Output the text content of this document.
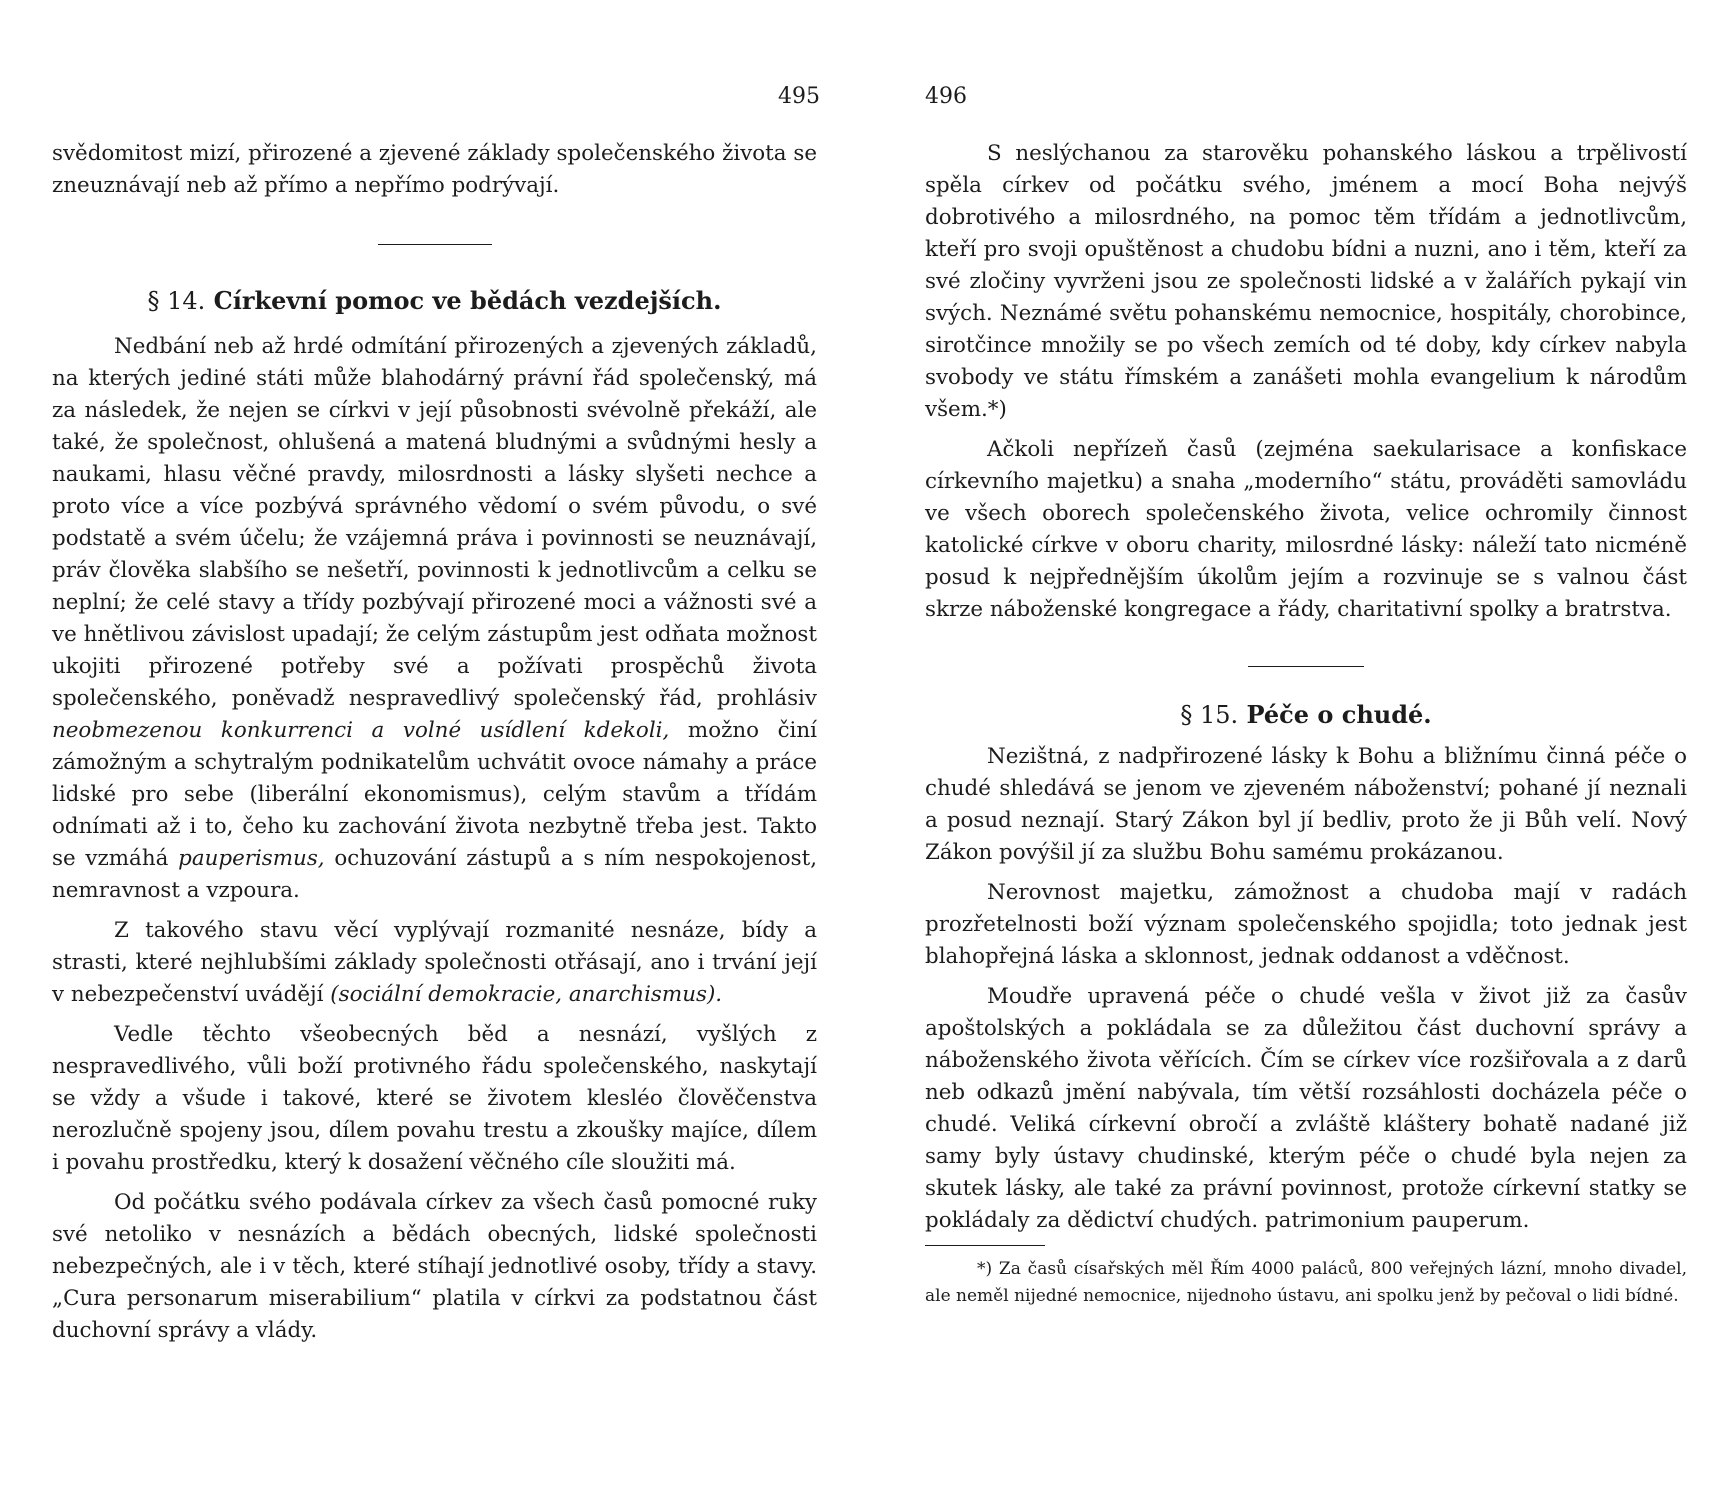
495

svědomitost mizí, přirozené a zjevené základy společenského života se zneuznávají neb až přímo a nepřímo podrývají.

§ 14. Církevní pomoc ve bědách vezdejších.

Nedbání neb až hrdé odmítání přirozených a zjevených základů, na kterých jediné státi může blahodárný právní řád společenský, má za následek, že nejen se církvi v její působnosti svévolně překáží, ale také, že společnost, ohlušená a matená bludnými a svůdnými hesly a naukami, hlasu věčné pravdy, milosrdnosti a lásky slyšeti nechce a proto více a více pozbývá správného vědomí o svém původu, o své podstatě a svém účelu; že vzájemná práva i povinnosti se neuznávají, práv člověka slabšího se nešetří, povinnosti k jednotlivcům a celku se neplní; že celé stavy a třídy pozbývají přirozené moci a vážnosti své a ve hnětlivou závislost upadají; že celým zástupům jest odňata možnost ukojiti přirozené potřeby své a požívati prospěchů života společenského, poněvadž nespravedlivý společenský řád, prohlásiv neobmezenou konkurrenci a volné usídlení kdekoli, možno činí zámožným a schytralým podnikatelům uchvátit ovoce námahy a práce lidské pro sebe (liberální ekonomismus), celým stavům a třídám odnímati až i to, čeho ku zachování života nezbytně třeba jest. Takto se vzmáhá pauperismus, ochuzování zástupů a s ním nespokojenost, nemravnost a vzpoura.

Z takového stavu věcí vyplývají rozmanité nesnáze, bídy a strasti, které nejhlubšími základy společnosti otřásají, ano i trvání její v nebezpečenství uvádějí (sociální demokracie, anarchismus).

Vedle těchto všeobecných běd a nesnází, vyšlých z nespravedlivého, vůli boží protivného řádu společenského, naskytají se vždy a všude i takové, které se životem klesléo člověčenstva nerozlučně spojeny jsou, dílem povahu trestu a zkoušky majíce, dílem i povahu prostředku, který k dosažení věčného cíle sloužiti má.

Od počátku svého podávala církev za všech časů pomocné ruky své netoliko v nesnázích a bědách obecných, lidské společnosti nebezpečných, ale i v těch, které stíhají jednotlivé osoby, třídy a stavy. „Cura personarum miserabilium“ platila v církvi za podstatnou část duchovní správy a vlády.

496

S neslýchanou za starověku pohanského láskou a trpělivostí spěla církev od počátku svého, jménem a mocí Boha nejvýš dobrotivého a milosrdného, na pomoc těm třídám a jednotlivcům, kteří pro svoji opuštěnost a chudobu bídni a nuzni, ano i těm, kteří za své zločiny vyvrženi jsou ze společnosti lidské a v žalářích pykají vin svých. Neznámé světu pohanskému nemocnice, hospitály, chorobince, sirotčince množily se po všech zemích od té doby, kdy církev nabyla svobody ve státu římském a zanášeti mohla evangelium k národům všem.*)

Ačkoli nepřízeň časů (zejména saekularisace a konfiskace církevního majetku) a snaha „moderního“ státu, prováděti samovládu ve všech oborech společenského života, velice ochromily činnost katolické církve v oboru charity, milosrdné lásky: náleží tato nicméně posud k nejpřednějším úkolům jejím a rozvinuje se s valnou část skrze náboženské kongregace a řády, charitativní spolky a bratrstva.

§ 15. Péče o chudé.

Nezištná, z nadpřirozené lásky k Bohu a bližnímu činná péče o chudé shledává se jenom ve zjeveném náboženství; pohané jí neznali a posud neznají. Starý Zákon byl jí bedliv, proto že ji Bůh velí. Nový Zákon povýšil jí za službu Bohu samému prokázanou.

Nerovnost majetku, zámožnost a chudoba mají v radách prozřetelnosti boží význam společenského spojidla; toto jednak jest blahopřejná láska a sklonnost, jednak oddanost a vděčnost.

Moudře upravená péče o chudé vešla v život již za časův apoštolských a pokládala se za důležitou část duchovní správy a náboženského života věřících. Čím se církev více rozšiřovala a z darů neb odkazů jmění nabývala, tím větší rozsáhlosti docházela péče o chudé. Veliká církevní obročí a zvláště kláštery bohatě nadané již samy byly ústavy chudinské, kterým péče o chudé byla nejen za skutek lásky, ale také za právní povinnost, protože církevní statky se pokládaly za dědictví chudých. patrimonium pauperum.

*) Za časů císařských měl Řím 4000 paláců, 800 veřejných lázní, mnoho divadel, ale neměl nijedné nemocnice, nijednoho ústavu, ani spolku jenž by pečoval o lidi bídné.
